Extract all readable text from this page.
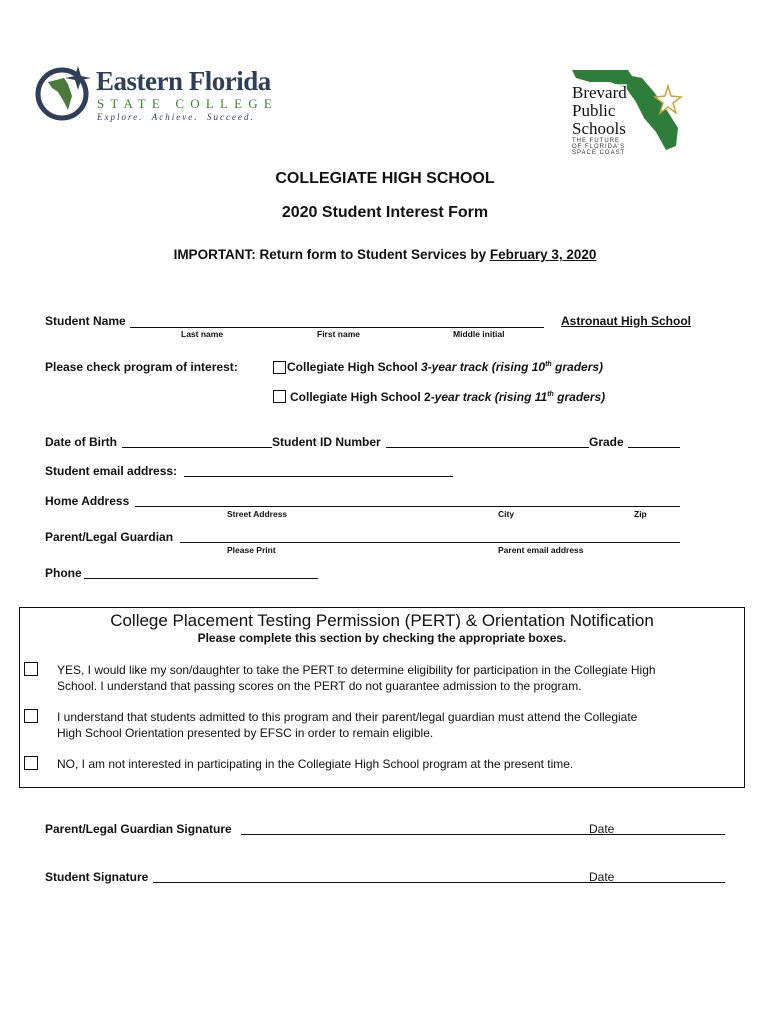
Eastern Florida
STATE COLLEGE
Explore.  Achieve.  Succeed.
Brevard
Public
Schools
THE FUTURE
OF FLORIDA'S
SPACE COAST
COLLEGIATE HIGH SCHOOL
2020 Student Interest Form
IMPORTANT: Return form to Student Services by February 3, 2020
Student Name
Last name	First name	Middle initial
Astronaut High School
Please check program of interest:	Collegiate High School 3-year track (rising 10th graders)
Collegiate High School 2-year track (rising 11th graders)
Date of Birth	Student ID Number	Grade
Student email address:
Home Address
Street Address	City	Zip
Parent/Legal Guardian
Please Print	Parent email address
Phone
College Placement Testing Permission (PERT) & Orientation Notification
Please complete this section by checking the appropriate boxes.
YES, I would like my son/daughter to take the PERT to determine eligibility for participation in the Collegiate High
School. I understand that passing scores on the PERT do not guarantee admission to the program.
I understand that students admitted to this program and their parent/legal guardian must attend the Collegiate
High School Orientation presented by EFSC in order to remain eligible.
NO, I am not interested in participating in the Collegiate High School program at the present time.
Parent/Legal Guardian Signature	Date
Student Signature	Date
